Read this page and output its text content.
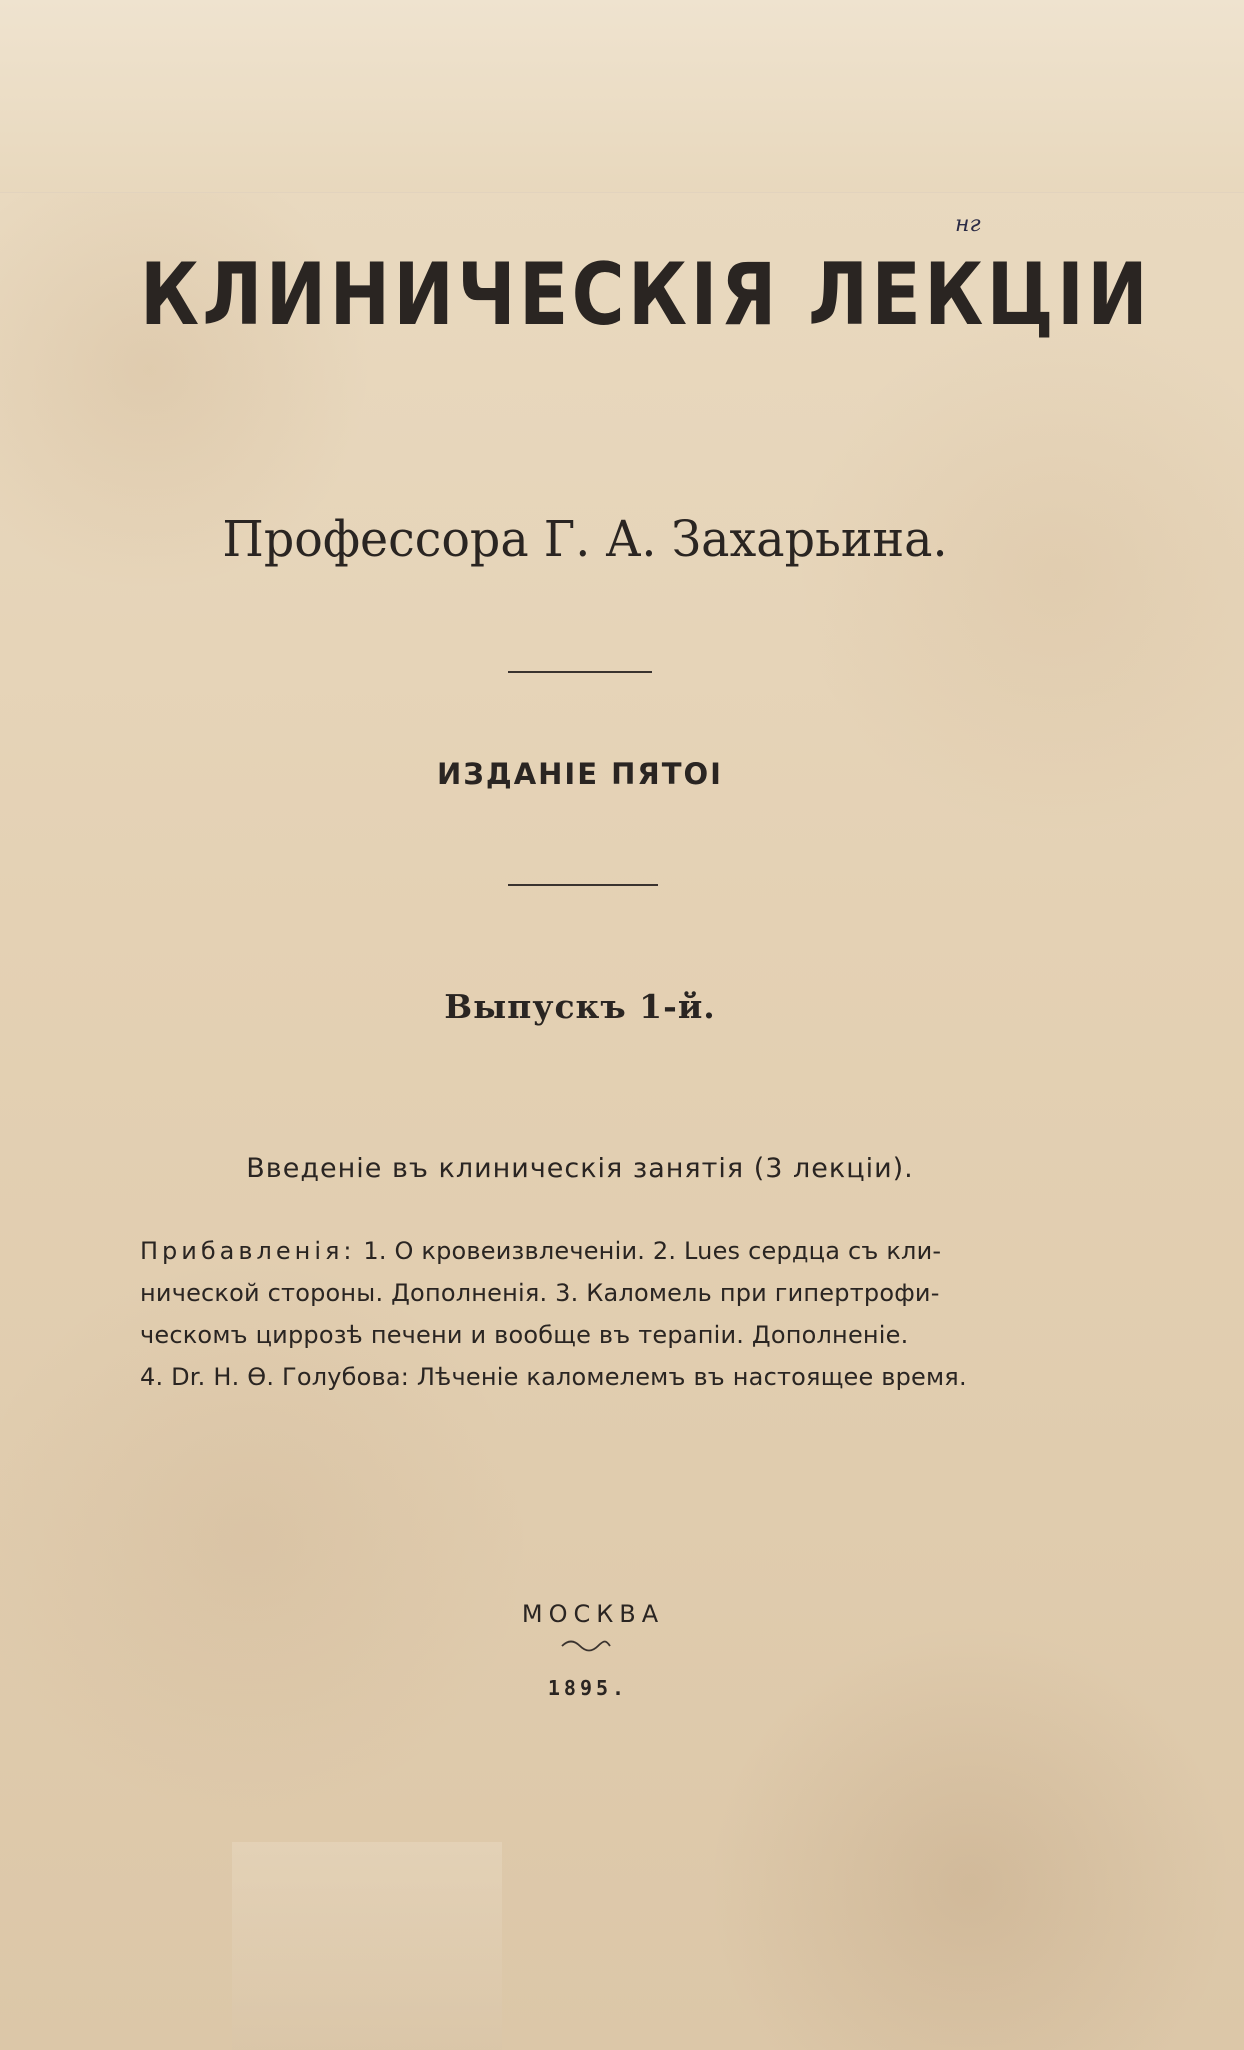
нг
КЛИНИЧЕСКІЯ ЛЕКЦІИ
Профессора Г. А. Захарьина.
ИЗДАНІЕ ПЯТОІ
Выпускъ 1-й.
Введеніе въ клиническія занятія (3 лекціи).
Прибавленія: 1. О кровеизвлеченіи. 2. Lues сердца съ кли-
нической стороны. Дополненія. 3. Каломель при гипертрофи-
ческомъ циррозѣ печени и вообще въ терапіи. Дополненіе.
4. Dr. Н. Ѳ. Голубова: Лѣченіе каломелемъ въ настоящее время.
МОСКВА
1895.
